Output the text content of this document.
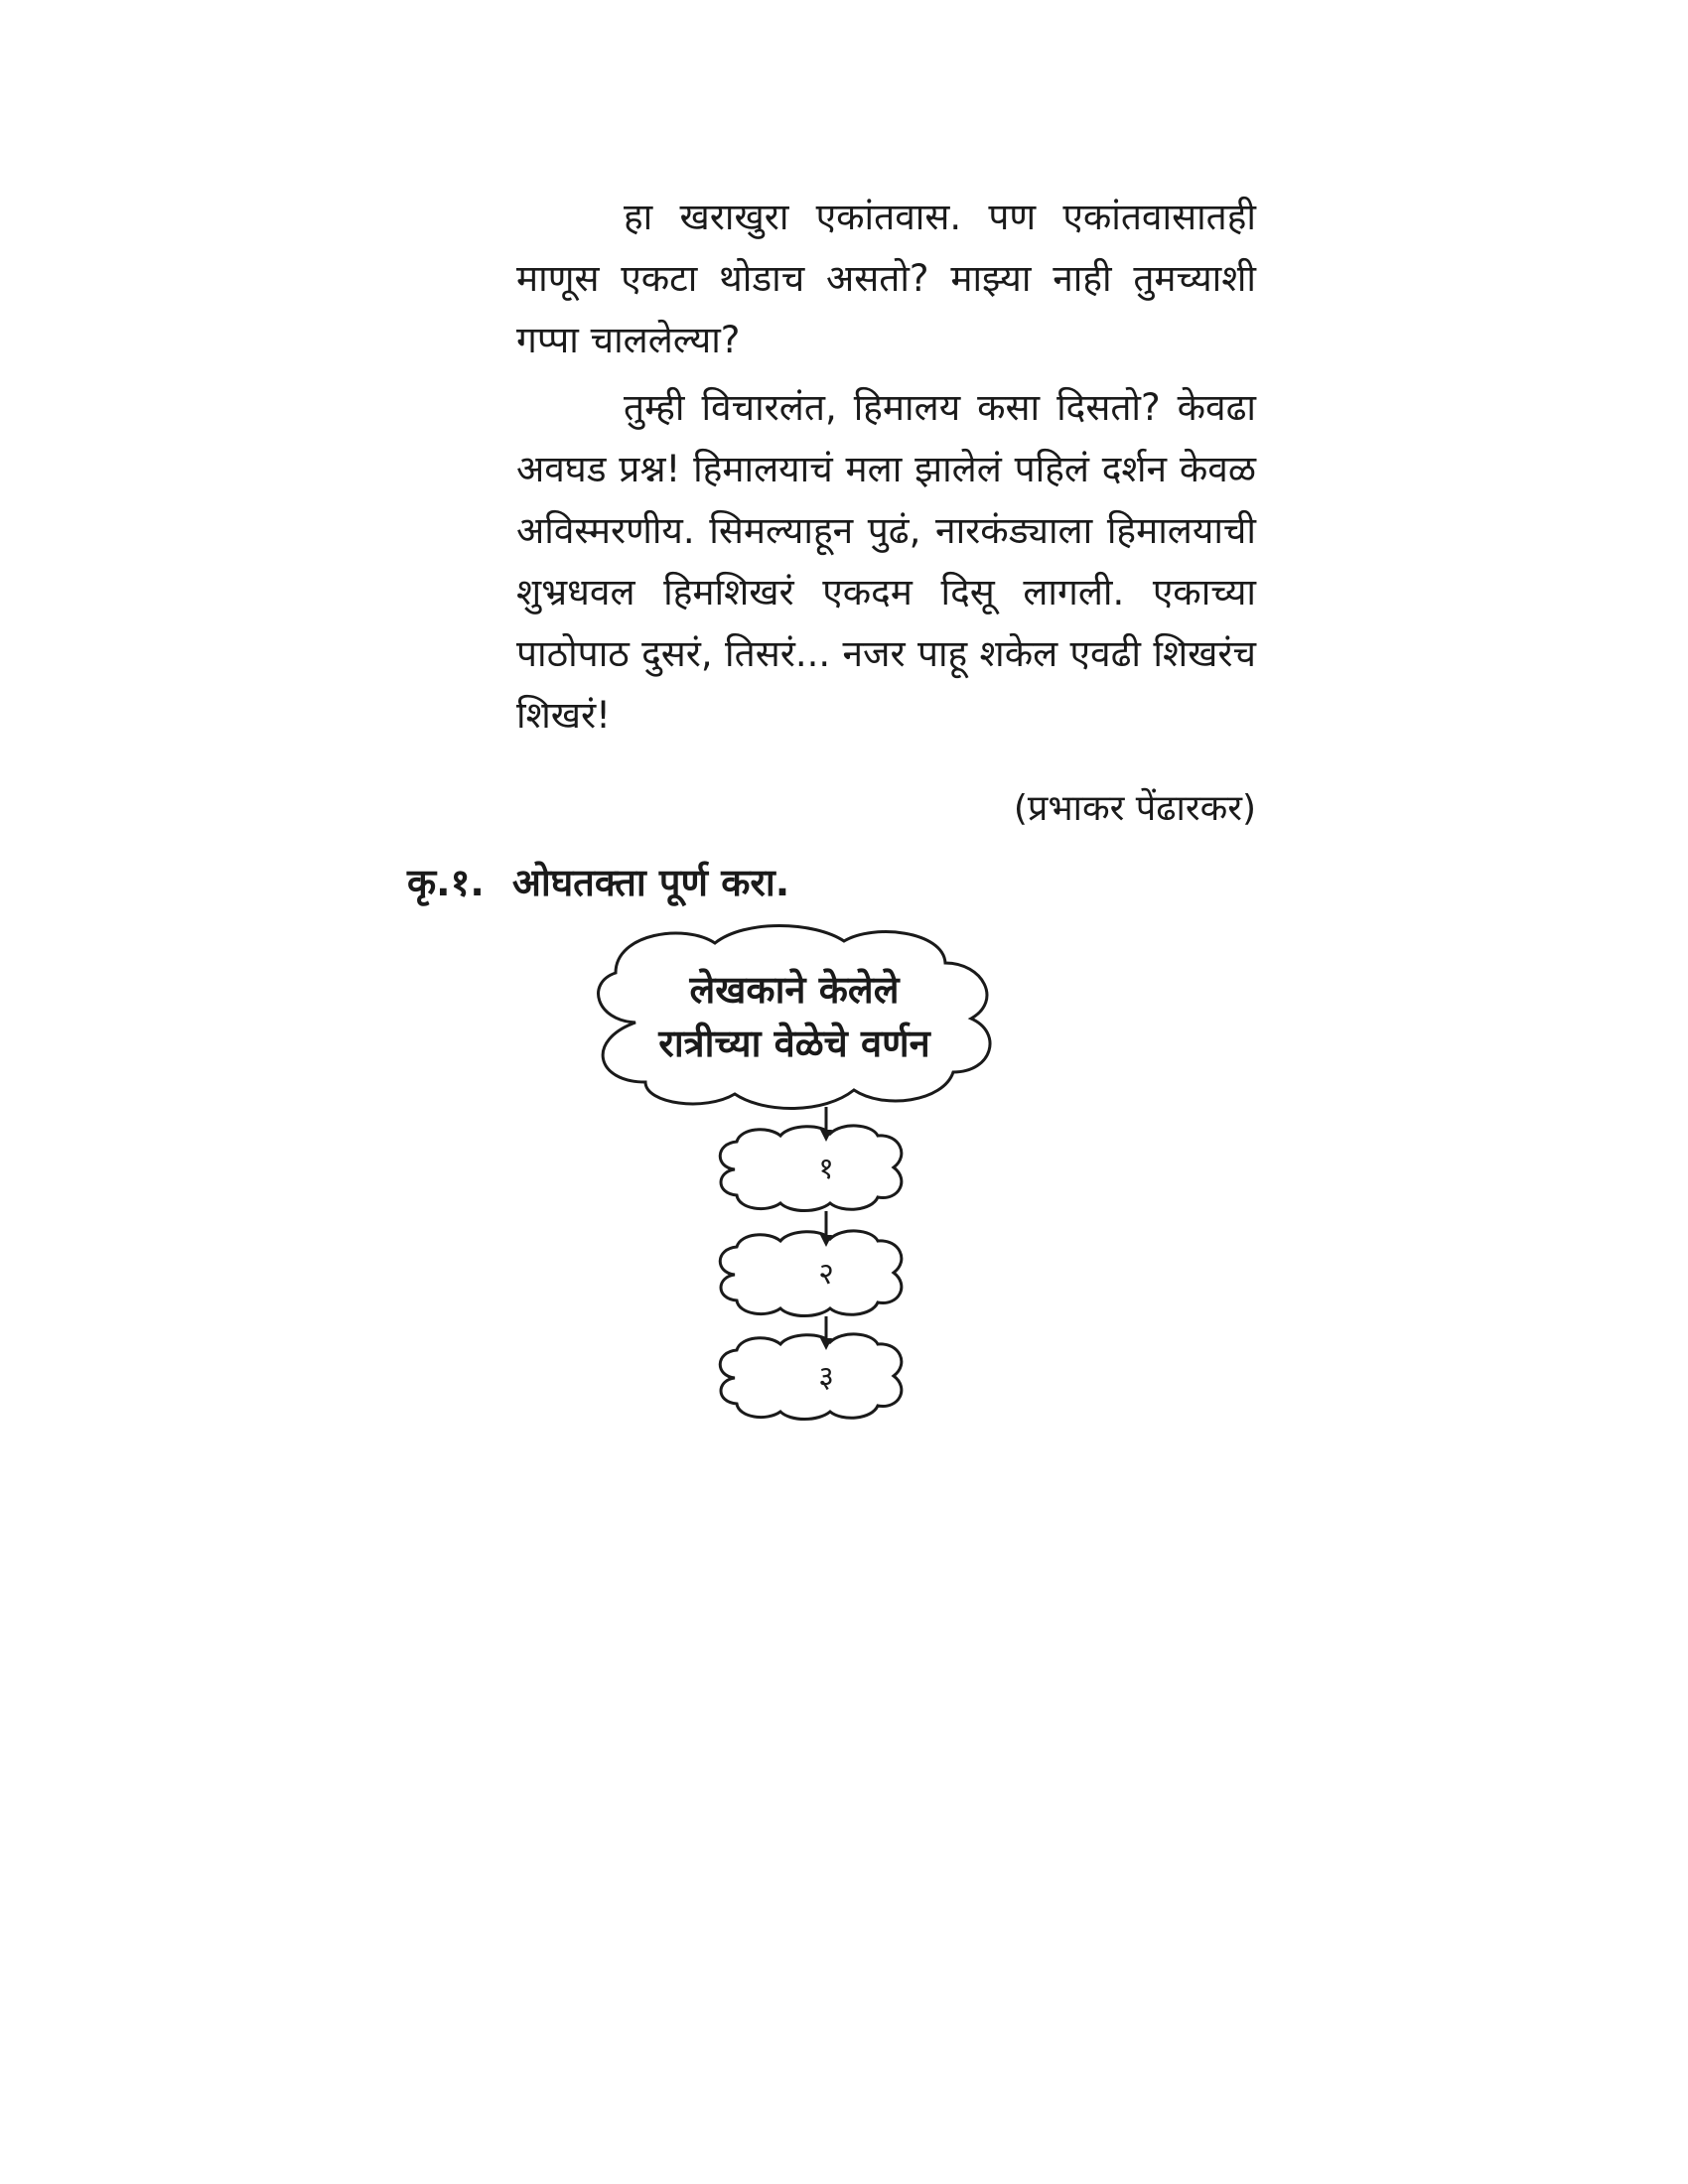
हा खराखुरा एकांतवास. पण एकांतवासातही माणूस एकटा थोडाच असतो? माझ्या नाही तुमच्याशी गप्पा चाललेल्या?

तुम्ही विचारलंत, हिमालय कसा दिसतो? केवढा अवघड प्रश्न! हिमालयाचं मला झालेलं पहिलं दर्शन केवळ अविस्मरणीय. सिमल्याहून पुढं, नारकंड्याला हिमालयाची शुभ्रधवल हिमशिखरं एकदम दिसू लागली. एकाच्या पाठोपाठ दुसरं, तिसरं... नजर पाहू शकेल एवढी शिखरंच शिखरं!

(प्रभाकर पेंढारकर)
कृ.१. ओघतक्ता पूर्ण करा.
लेखकाने केलेले
रात्रीच्या वेळेचे वर्णन
१
२
३
